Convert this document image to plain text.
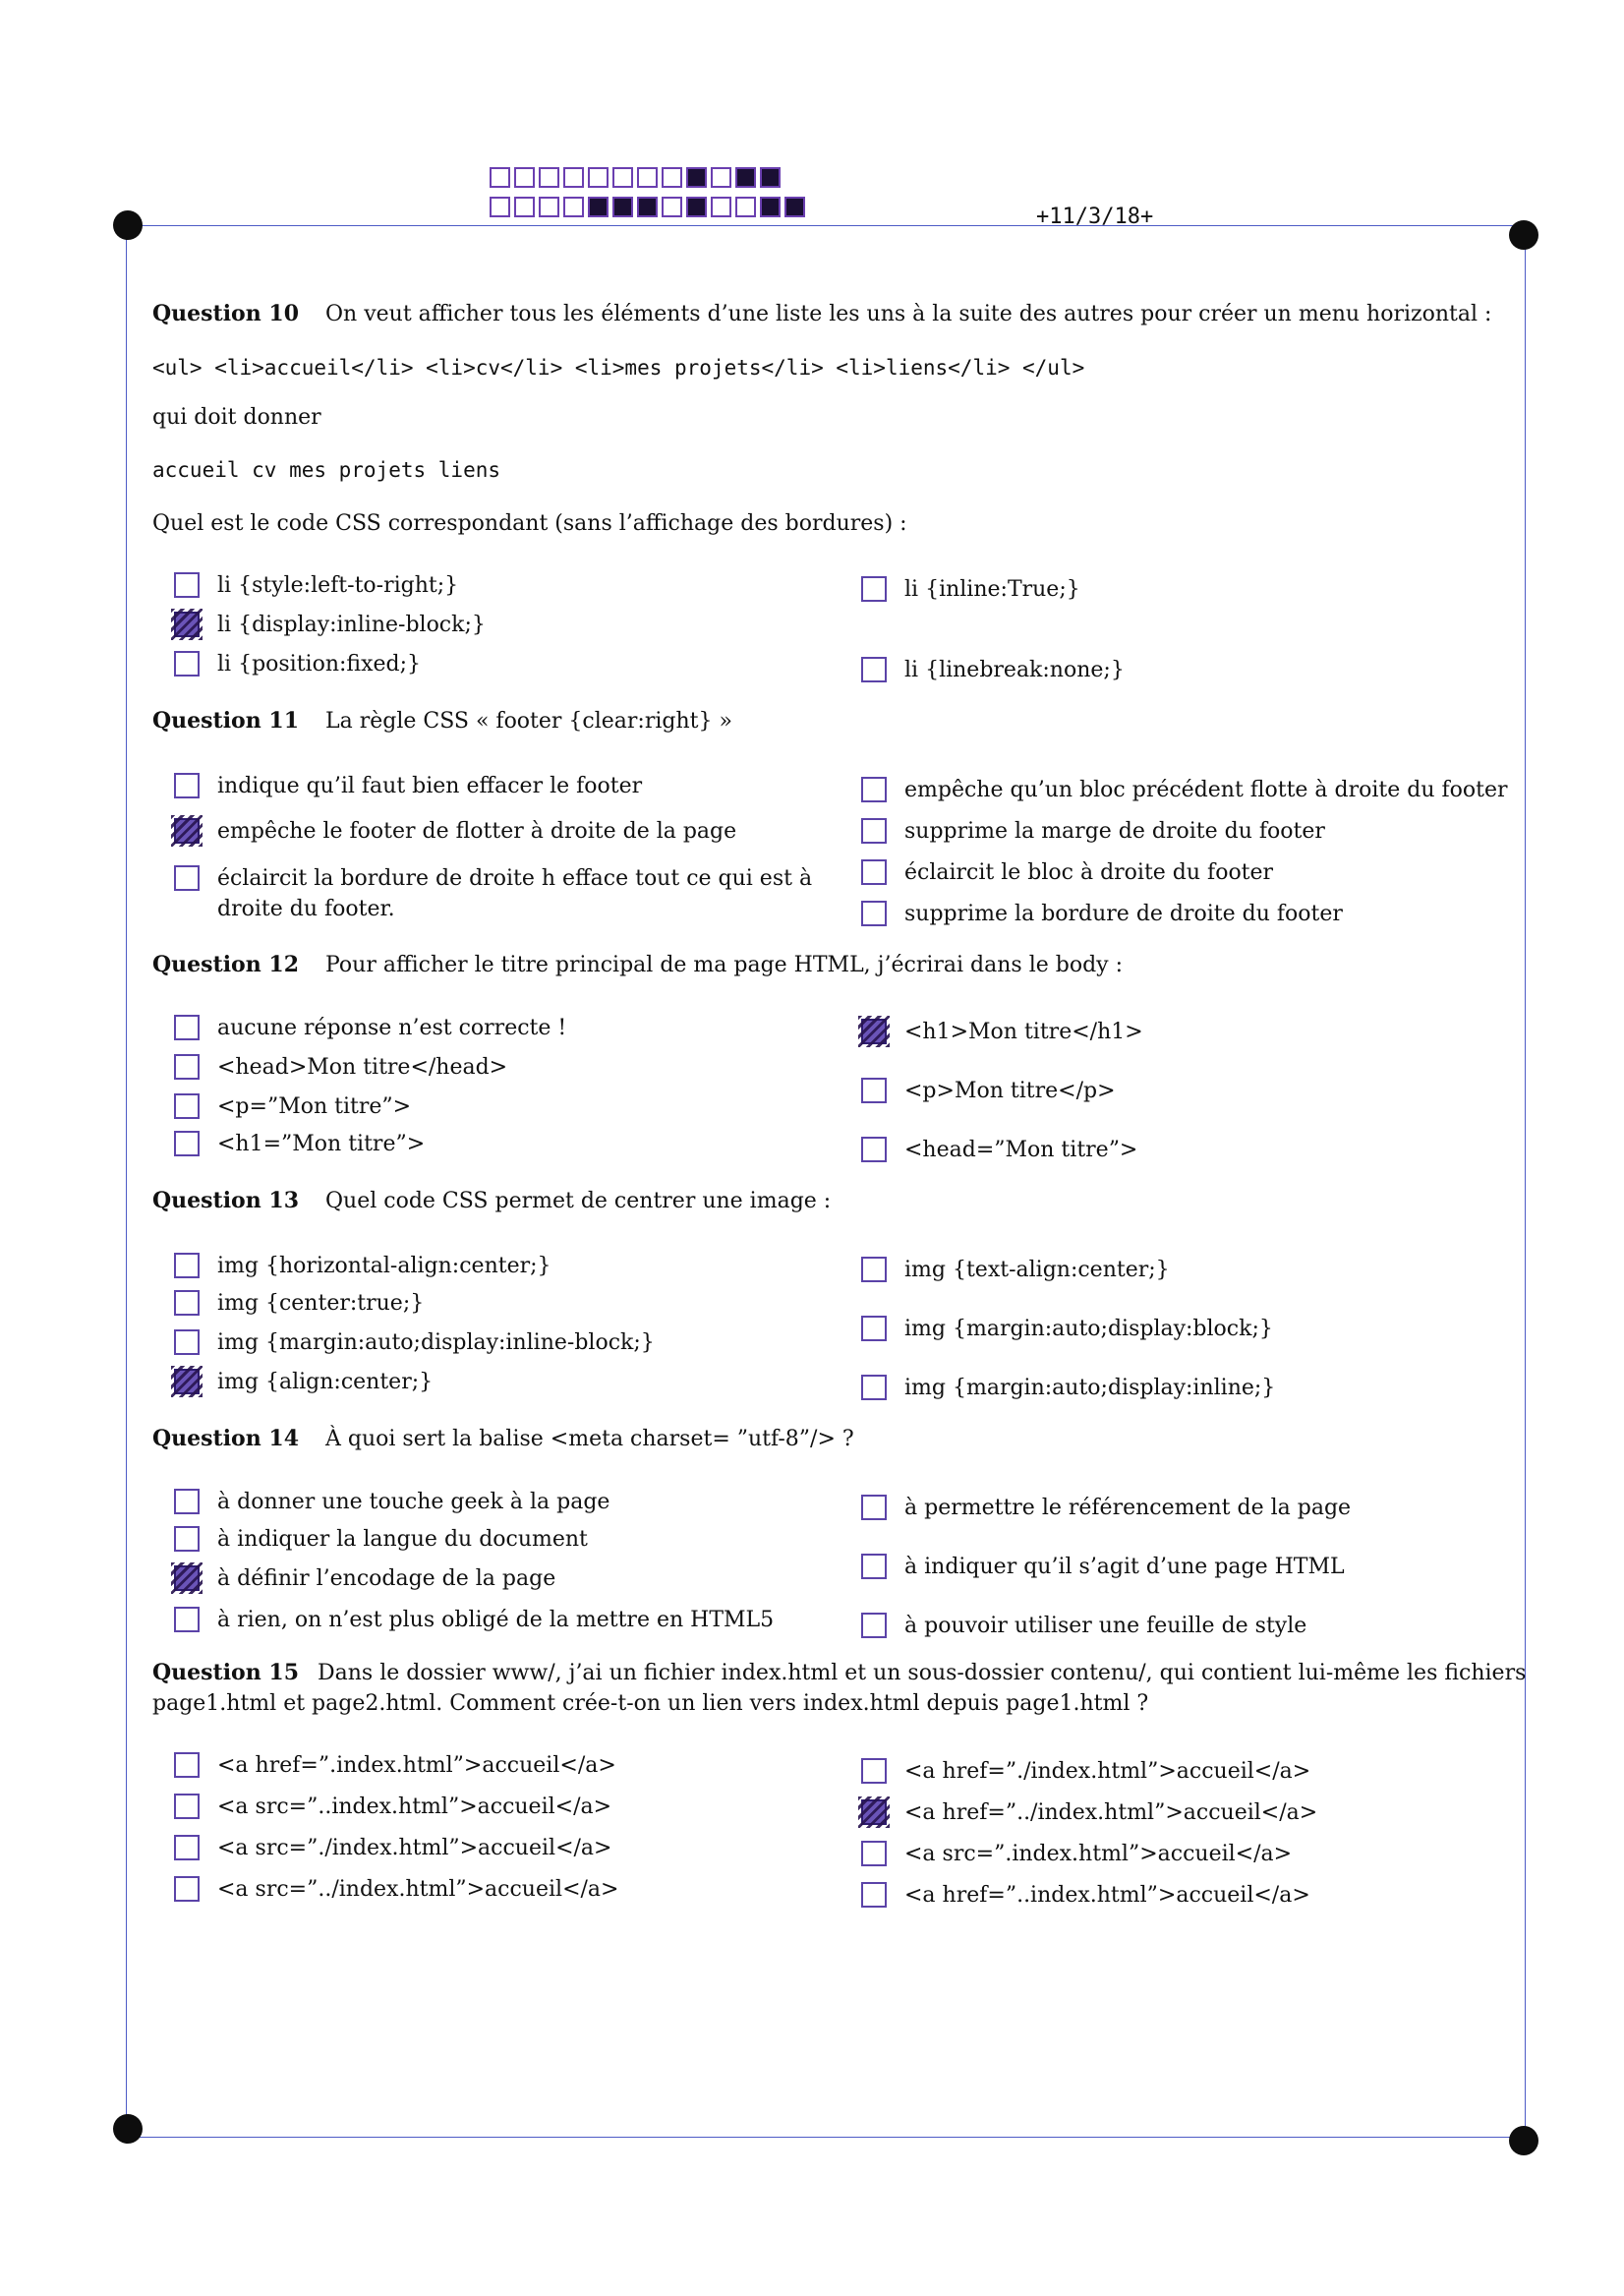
+11/3/18+
Question 10 On veut afficher tous les éléments d’une liste les uns à la suite des autres pour créer un menu horizontal :
<ul> <li>accueil</li> <li>cv</li> <li>mes projets</li> <li>liens</li> </ul>
qui doit donner
accueil cv mes projets liens
Quel est le code CSS correspondant (sans l’affichage des bordures) :
li {style:left-to-right;}
li {display:inline-block;}
li {position:fixed;}
li {inline:True;}
li {linebreak:none;}
Question 11 La règle CSS « footer {clear:right} »
indique qu’il faut bien effacer le footer
empêche le footer de flotter à droite de la page
éclaircit la bordure de droite h efface tout ce qui est à droite du footer.
empêche qu’un bloc précédent flotte à droite du footer
supprime la marge de droite du footer
éclaircit le bloc à droite du footer
supprime la bordure de droite du footer
Question 12 Pour afficher le titre principal de ma page HTML, j’écrirai dans le body :
aucune réponse n’est correcte !
<head>Mon titre</head>
<p=”Mon titre”>
<h1=”Mon titre”>
<h1>Mon titre</h1>
<p>Mon titre</p>
<head=”Mon titre”>
Question 13 Quel code CSS permet de centrer une image :
img {horizontal-align:center;}
img {center:true;}
img {margin:auto;display:inline-block;}
img {align:center;}
img {text-align:center;}
img {margin:auto;display:block;}
img {margin:auto;display:inline;}
Question 14 À quoi sert la balise <meta charset= ”utf-8”/> ?
à donner une touche geek à la page
à indiquer la langue du document
à définir l’encodage de la page
à rien, on n’est plus obligé de la mettre en HTML5
à permettre le référencement de la page
à indiquer qu’il s’agit d’une page HTML
à pouvoir utiliser une feuille de style
Question 15 Dans le dossier www/, j’ai un fichier index.html et un sous-dossier contenu/, qui contient lui-même les fichiers
page1.html et page2.html. Comment crée-t-on un lien vers index.html depuis page1.html ?
<a href=”.index.html”>accueil</a>
<a src=”..index.html”>accueil</a>
<a src=”./index.html”>accueil</a>
<a src=”../index.html”>accueil</a>
<a href=”./index.html”>accueil</a>
<a href=”../index.html”>accueil</a>
<a src=”.index.html”>accueil</a>
<a href=”..index.html”>accueil</a>
